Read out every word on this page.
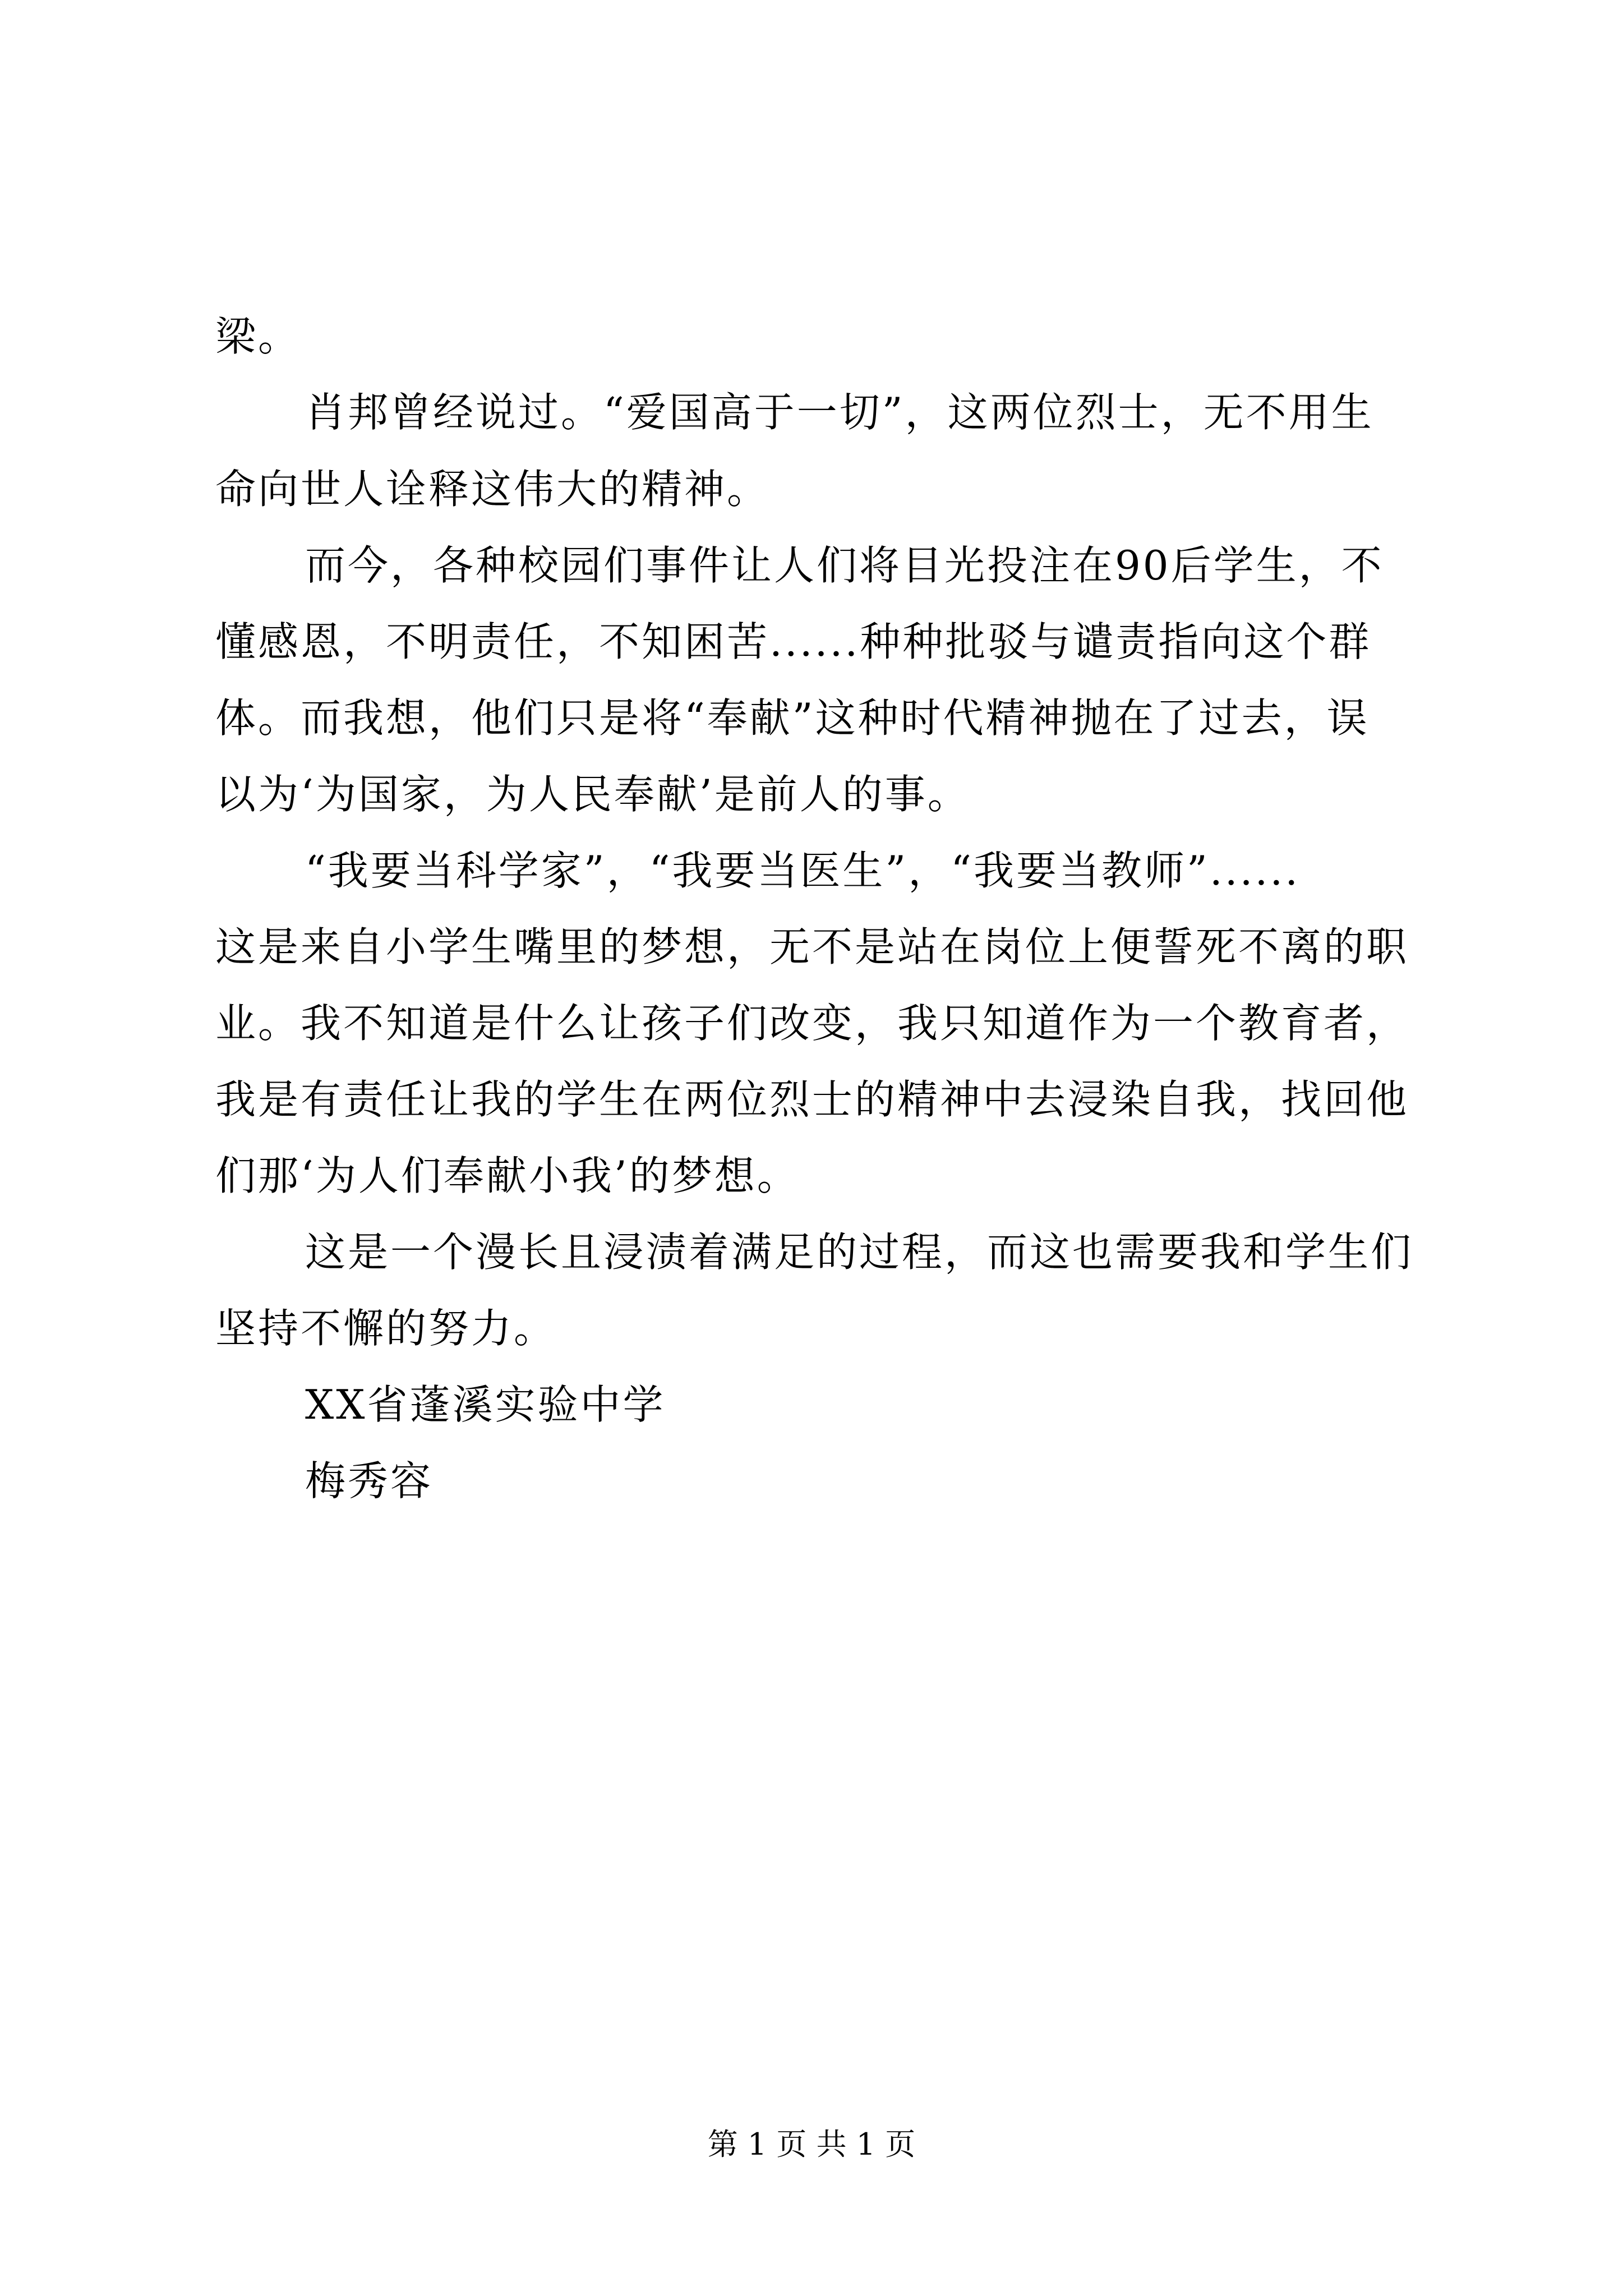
梁。
肖邦曾经说过。“爱国高于一切”，这两位烈士，无不用生
命向世人诠释这伟大的精神。
而今，各种校园们事件让人们将目光投注在90后学生，不
懂感恩，不明责任，不知困苦......种种批驳与谴责指向这个群
体。而我想，他们只是将“奉献”这种时代精神抛在了过去，误
以为‘为国家，为人民奉献’是前人的事。
“我要当科学家”，“我要当医生”，“我要当教师”......
这是来自小学生嘴里的梦想，无不是站在岗位上便誓死不离的职
业。我不知道是什么让孩子们改变，我只知道作为一个教育者，
我是有责任让我的学生在两位烈士的精神中去浸染自我，找回他
们那‘为人们奉献小我’的梦想。
这是一个漫长且浸渍着满足的过程，而这也需要我和学生们
坚持不懈的努力。
XX省蓬溪实验中学
梅秀容
第 1 页 共 1 页
